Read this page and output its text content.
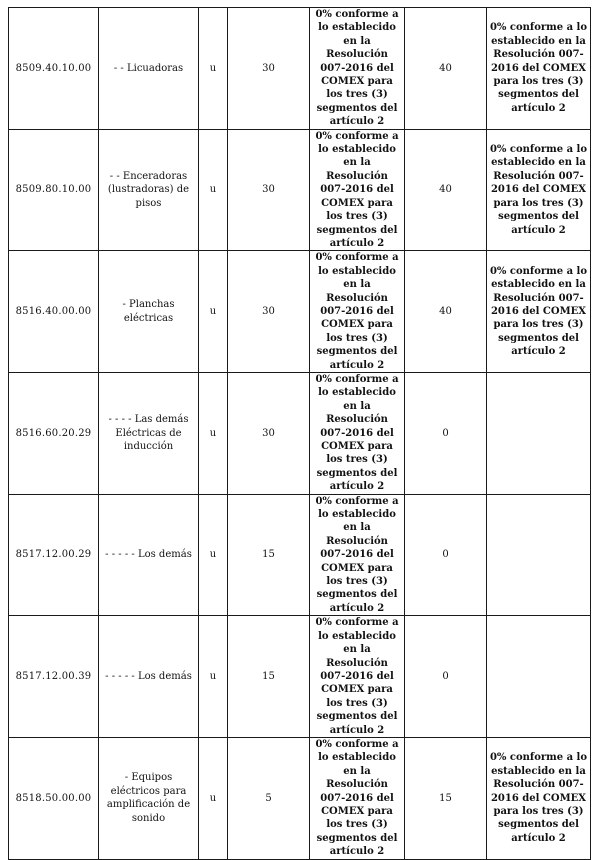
8509.40.10.00	- - Licuadoras	u	30	0% conforme a lo establecido en la Resolución 007-2016 del COMEX para los tres (3) segmentos del artículo 2	40	0% conforme a lo establecido en la Resolución 007-2016 del COMEX para los tres (3) segmentos del artículo 2
8509.80.10.00	- - Enceradoras (lustradoras) de pisos	u	30	0% conforme a lo establecido en la Resolución 007-2016 del COMEX para los tres (3) segmentos del artículo 2	40	0% conforme a lo establecido en la Resolución 007-2016 del COMEX para los tres (3) segmentos del artículo 2
8516.40.00.00	- Planchas eléctricas	u	30	0% conforme a lo establecido en la Resolución 007-2016 del COMEX para los tres (3) segmentos del artículo 2	40	0% conforme a lo establecido en la Resolución 007-2016 del COMEX para los tres (3) segmentos del artículo 2
8516.60.20.29	- - - - Las demás Eléctricas de inducción	u	30	0% conforme a lo establecido en la Resolución 007-2016 del COMEX para los tres (3) segmentos del artículo 2	0	
8517.12.00.29	- - - - - Los demás	u	15	0% conforme a lo establecido en la Resolución 007-2016 del COMEX para los tres (3) segmentos del artículo 2	0	
8517.12.00.39	- - - - - Los demás	u	15	0% conforme a lo establecido en la Resolución 007-2016 del COMEX para los tres (3) segmentos del artículo 2	0	
8518.50.00.00	- Equipos eléctricos para amplificación de sonido	u	5	0% conforme a lo establecido en la Resolución 007-2016 del COMEX para los tres (3) segmentos del artículo 2	15	0% conforme a lo establecido en la Resolución 007-2016 del COMEX para los tres (3) segmentos del artículo 2
